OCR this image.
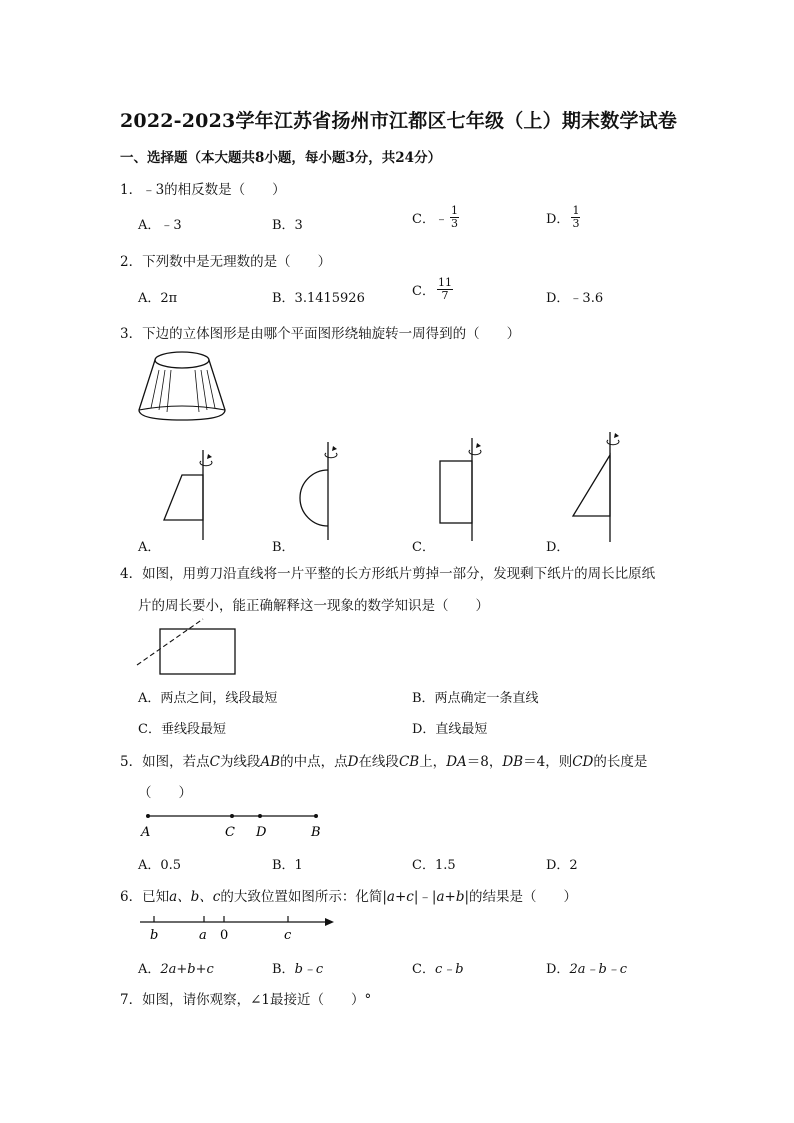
2022-2023学年江苏省扬州市江都区七年级（上）期末数学试卷
一、选择题（本大题共8小题，每小题3分，共24分）
1．﹣3的相反数是（　　）
A．﹣3	B．3	C．﹣ $\frac{1}{3}$	D． $\frac{1}{3}$
2．下列数中是无理数的是（　　）
A．2π	B．3.1415926	C． $\frac{11}{7}$	D．﹣3.6
3．下边的立体图形是由哪个平面图形绕轴旋转一周得到的（　　）
A．	B．	C．	D．
4．如图，用剪刀沿直线将一片平整的长方形纸片剪掉一部分，发现剩下纸片的周长比原纸
片的周长要小，能正确解释这一现象的数学知识是（　　）
A．两点之间，线段最短	B．两点确定一条直线
C．垂线段最短	D．直线最短
5．如图，若点C为线段AB的中点，点D在线段CB上，DA＝8，DB＝4，则CD的长度是
（　　）
A	C D	B
A．0.5	B．1	C．1.5	D．2
6．已知a、b、c的大致位置如图所示：化简|a+c|﹣|a+b|的结果是（　　）
b	a 0	c
A．2a+b+c	B．b﹣c	C．c﹣b	D．2a﹣b﹣c
7．如图，请你观察，∠1最接近（　　）°
